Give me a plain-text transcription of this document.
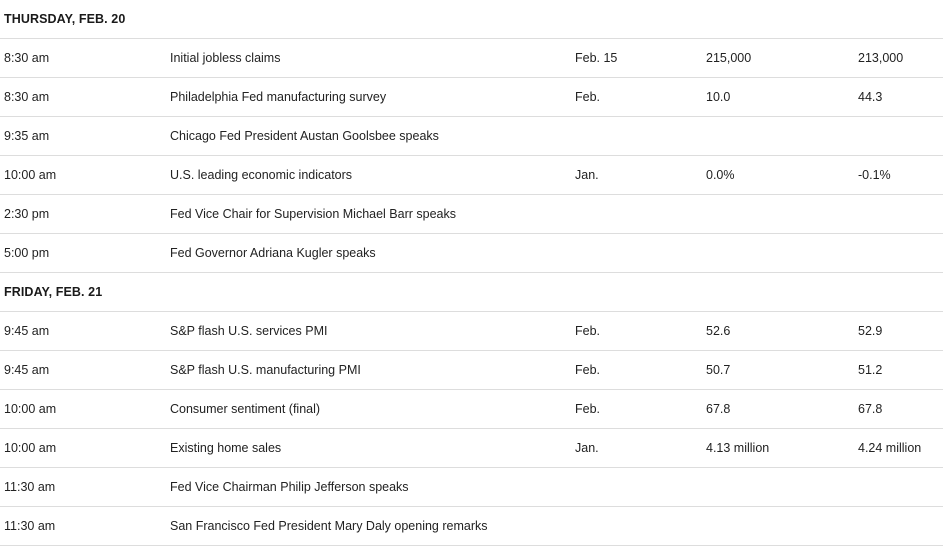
THURSDAY, FEB. 20				
8:30 am	Initial jobless claims	Feb. 15	215,000	213,000
8:30 am	Philadelphia Fed manufacturing survey	Feb.	10.0	44.3
9:35 am	Chicago Fed President Austan Goolsbee speaks			
10:00 am	U.S. leading economic indicators	Jan.	0.0%	-0.1%
2:30 pm	Fed Vice Chair for Supervision Michael Barr speaks			
5:00 pm	Fed Governor Adriana Kugler speaks			
FRIDAY, FEB. 21				
9:45 am	S&P flash U.S. services PMI	Feb.	52.6	52.9
9:45 am	S&P flash U.S. manufacturing PMI	Feb.	50.7	51.2
10:00 am	Consumer sentiment (final)	Feb.	67.8	67.8
10:00 am	Existing home sales	Jan.	4.13 million	4.24 million
11:30 am	Fed Vice Chairman Philip Jefferson speaks			
11:30 am	San Francisco Fed President Mary Daly opening remarks			
